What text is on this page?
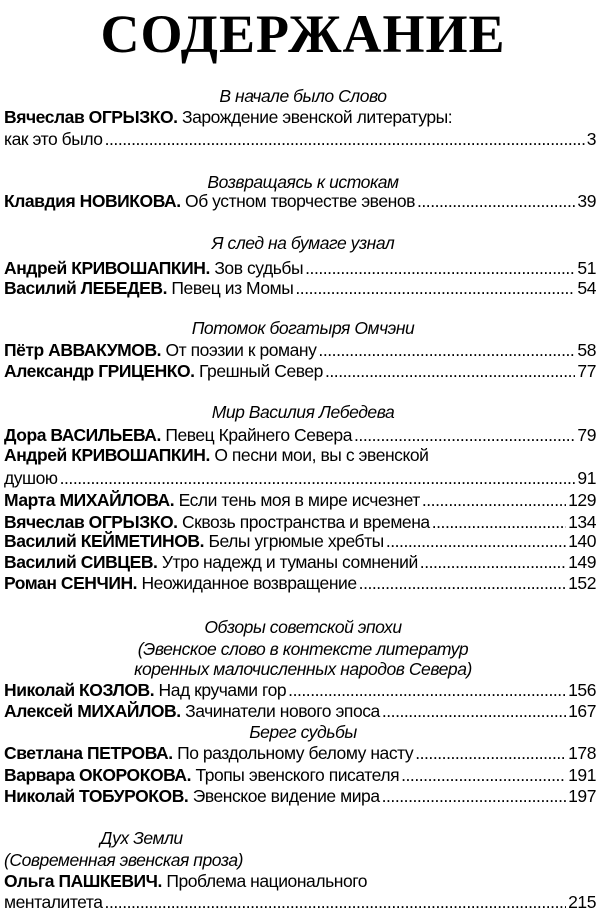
СОДЕРЖАНИЕ
В начале было Слово
Вячеслав ОГРЫЗКО.
Зарождение эвенской литературы:
как это было .....	3
Возвращаясь к истокам
Клавдия НОВИКОВА.
Об устном творчестве эвенов .....	39
Я след на бумаге узнал
Андрей КРИВОШАПКИН.
Зов судьбы .....	51
Василий ЛЕБЕДЕВ.
Певец из Момы .....	54
Потомок богатыря Омчэни
Пётр АВВАКУМОВ.
От поэзии к роману .....	58
Александр ГРИЦЕНКО.
Грешный Север .....	77
Мир Василия Лебедева
Дора ВАСИЛЬЕВА.
Певец Крайнего Севера .....	79
Андрей КРИВОШАПКИН.
О песни мои, вы с эвенской
душою .....	91
Марта МИХАЙЛОВА.
Если тень моя в мире исчезнет .....	129
Вячеслав ОГРЫЗКО.
Сквозь пространства и времена .....	134
Василий КЕЙМЕТИНОВ.
Белы угрюмые хребты .....	140
Василий СИВЦЕВ.
Утро надежд и туманы сомнений .....	149
Роман СЕНЧИН.
Неожиданное возвращение .....	152
Обзоры советской эпохи
(Эвенское слово в контексте литератур
коренных малочисленных народов Севера)
Николай КОЗЛОВ.
Над кручами гор .....	156
Алексей МИХАЙЛОВ.
Зачинатели нового эпоса .....	167
Берег судьбы
Светлана ПЕТРОВА.
По раздольному белому насту .....	178
Варвара ОКОРОКОВА.
Тропы эвенского писателя .....	191
Николай ТОБУРОКОВ.
Эвенское видение мира .....	197
Дух Земли
(Современная эвенская проза)
Ольга ПАШКЕВИЧ.
Проблема национального
менталитета .....	215
